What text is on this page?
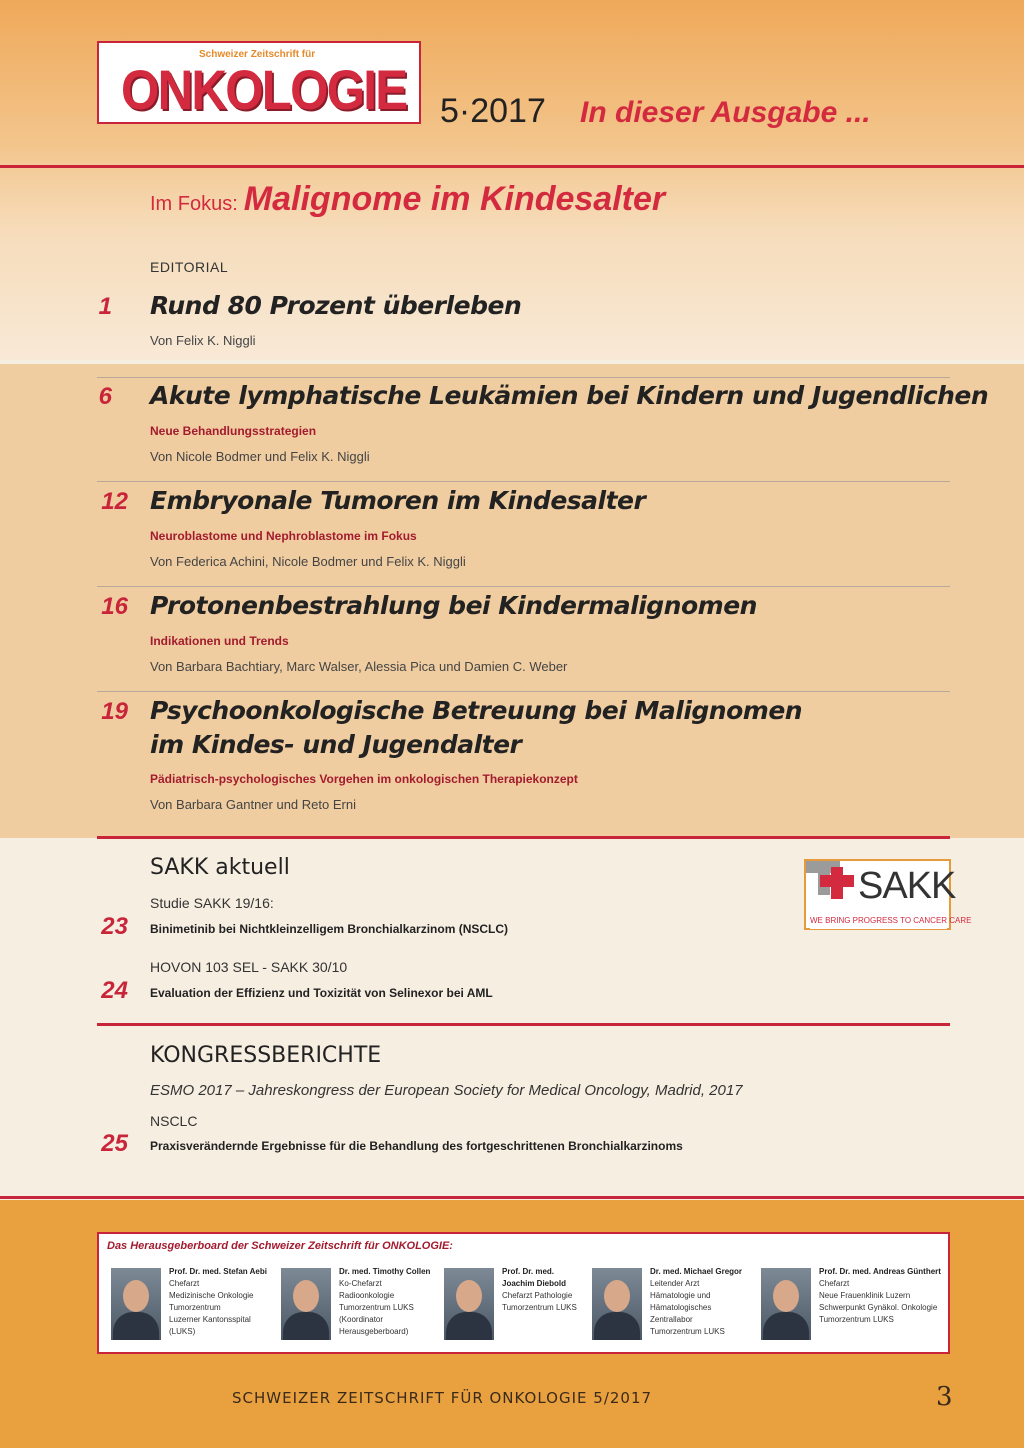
Schweizer Zeitschrift für
ONKOLOGIE 5·2017 In dieser Ausgabe ...
Im Fokus: Malignome im Kindesalter
EDITORIAL
1 Rund 80 Prozent überleben
Von Felix K. Niggli
6 Akute lymphatische Leukämien bei Kindern und Jugendlichen
Neue Behandlungsstrategien
Von Nicole Bodmer und Felix K. Niggli
12 Embryonale Tumoren im Kindesalter
Neuroblastome und Nephroblastome im Fokus
Von Federica Achini, Nicole Bodmer und Felix K. Niggli
16 Protonenbestrahlung bei Kindermalignomen
Indikationen und Trends
Von Barbara Bachtiary, Marc Walser, Alessia Pica und Damien C. Weber
19 Psychoonkologische Betreuung bei Malignomen
im Kindes- und Jugendalter
Pädiatrisch-psychologisches Vorgehen im onkologischen Therapiekonzept
Von Barbara Gantner und Reto Erni
SAKK aktuell	SAKK
WE BRING PROGRESS TO CANCER CARE
Studie SAKK 19/16:
23 Binimetinib bei Nichtkleinzelligem Bronchialkarzinom (NSCLC)
HOVON 103 SEL - SAKK 30/10
24 Evaluation der Effizienz und Toxizität von Selinexor bei AML
KONGRESSBERICHTE
ESMO 2017 – Jahreskongress der European Society for Medical Oncology, Madrid, 2017
NSCLC
25 Praxisverändernde Ergebnisse für die Behandlung des fortgeschrittenen Bronchialkarzinoms
Das Herausgeberboard der Schweizer Zeitschrift für ONKOLOGIE:
Prof. Dr. med. Stefan Aebi
Chefarzt
Medizinische Onkologie
Tumorzentrum
Luzerner Kantonsspital
(LUKS)
Dr. med. Timothy Collen
Ko-Chefarzt
Radioonkologie
Tumorzentrum LUKS
(Koordinator
Herausgeberboard)
Prof. Dr. med.
Joachim Diebold
Chefarzt Pathologie
Tumorzentrum LUKS
Dr. med. Michael Gregor
Leitender Arzt
Hämatologie und
Hämatologisches
Zentrallabor
Tumorzentrum LUKS
Prof. Dr. med. Andreas Günthert
Chefarzt
Neue Frauenklinik Luzern
Schwerpunkt Gynäkol. Onkologie
Tumorzentrum LUKS
SCHWEIZER ZEITSCHRIFT FÜR ONKOLOGIE 5/2017	3
